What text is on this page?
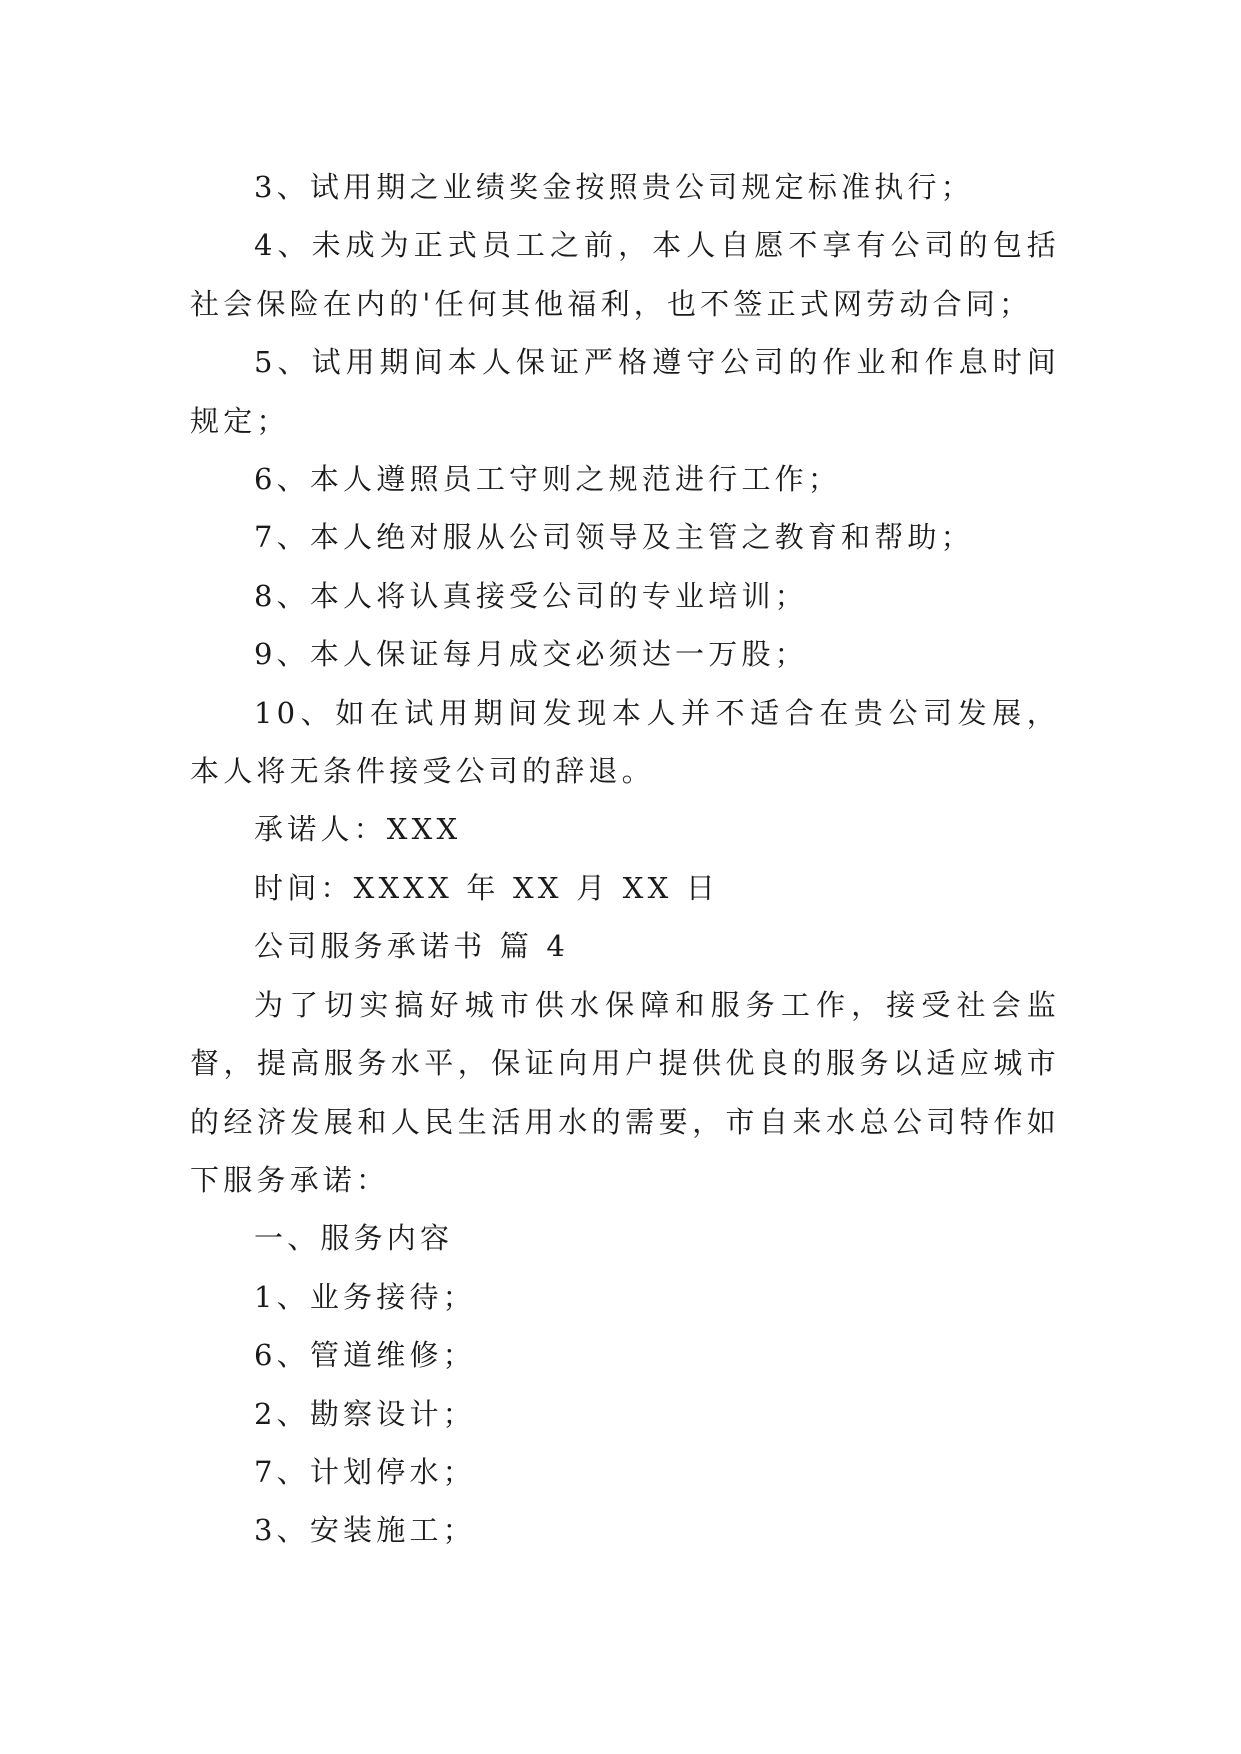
3、试用期之业绩奖金按照贵公司规定标准执行；

4、未成为正式员工之前，本人自愿不享有公司的包括社会保险在内的'任何其他福利，也不签正式网劳动合同；

5、试用期间本人保证严格遵守公司的作业和作息时间规定；

6、本人遵照员工守则之规范进行工作；

7、本人绝对服从公司领导及主管之教育和帮助；

8、本人将认真接受公司的专业培训；

9、本人保证每月成交必须达一万股；

10、如在试用期间发现本人并不适合在贵公司发展，本人将无条件接受公司的辞退。

承诺人：XXX

时间：XXXX 年 XX 月 XX 日

公司服务承诺书 篇 4

为了切实搞好城市供水保障和服务工作，接受社会监督，提高服务水平，保证向用户提供优良的服务以适应城市的经济发展和人民生活用水的需要，市自来水总公司特作如下服务承诺：

一、服务内容

1、业务接待；

6、管道维修；

2、勘察设计；

7、计划停水；

3、安装施工；
